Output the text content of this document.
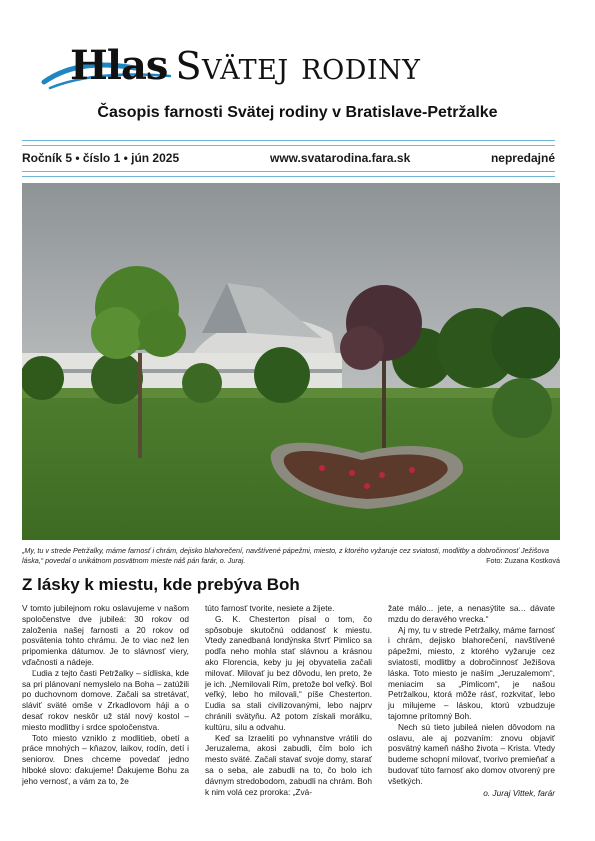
Hlas Svätej rodiny
Časopis farnosti Svätej rodiny v Bratislave-Petržalke
Ročník 5 • číslo 1 • jún 2025	www.svatarodina.fara.sk	nepredajné
„My, tu v strede Petržalky, máme farnosť i chrám, dejisko blahorečení, navštívené pápežmi, miesto, z ktorého vyžaruje cez sviatosti, modlitby a dobročinnosť Ježišova láska,“ povedal o unikátnom posvätnom mieste náš pán farár, o. Juraj.	Foto: Zuzana Kostková
Z lásky k miestu, kde prebýva Boh

V tomto jubilejnom roku oslavujeme v našom spoločenstve dve jubileá: 30 rokov od založenia našej farnosti a 20 rokov od posvätenia tohto chrámu. Je to viac než len pripomienka dátumov. Je to slávnosť viery, vďačnosti a nádeje.

Ľudia z tejto časti Petržalky – sídliska, kde sa pri plánovaní nemyslelo na Boha – zatúžili po duchovnom domove. Začali sa stretávať, sláviť sväté omše v Zrkadlovom háji a o desať rokov neskôr už stál nový kostol – miesto modlitby i srdce spoločenstva.

Toto miesto vzniklo z modlitieb, obetí a práce mnohých – kňazov, laikov, rodín, detí i seniorov. Dnes chceme povedať jedno hlboké slovo: ďakujeme! Ďakujeme Bohu za jeho vernosť, a vám za to, že

túto farnosť tvorite, nesiete a žijete.

G. K. Chesterton písal o tom, čo spôsobuje skutočnú oddanosť k miestu. Vtedy zanedbaná londýnska štvrť Pimlico sa podľa neho mohla stať slávnou a krásnou ako Florencia, keby ju jej obyvatelia začali milovať. Milovať ju bez dôvodu, len preto, že je ich. „Nemilovali Rím, pretože bol veľký. Bol veľký, lebo ho milovali,“ píše Chesterton. Ľudia sa stali civilizovanými, lebo najprv chránili svätyňu. Až potom získali morálku, kultúru, silu a odvahu.

Keď sa Izraeliti po vyhnanstve vrátili do Jeruzalema, akosi zabudli, čím bolo ich mesto sväté. Začali stavať svoje domy, starať sa o seba, ale zabudli na to, čo bolo ich dávnym stredobodom, zabudli na chrám. Boh k nim volá cez proroka: „Zvá-

žate málo... jete, a nenasýtite sa... dávate mzdu do deravého vrecka.“

Aj my, tu v strede Petržalky, máme farnosť i chrám, dejisko blahorečení, navštívené pápežmi, miesto, z ktorého vyžaruje cez sviatosti, modlitby a dobročinnosť Ježišova láska. Toto miesto je naším „Jeruzalemom“, meniacim sa „Pimlicom“, je našou Petržalkou, ktorá môže rásť, rozkvitať, lebo ju milujeme – láskou, ktorú vzbudzuje tajomne prítomný Boh.

Nech sú tieto jubileá nielen dôvodom na oslavu, ale aj pozvaním: znovu objaviť posvätný kameň nášho života – Krista. Vtedy budeme schopní milovať, tvorivo premieňať a budovať túto farnosť ako domov otvorený pre všetkých.

o. Juraj Vittek, farár
